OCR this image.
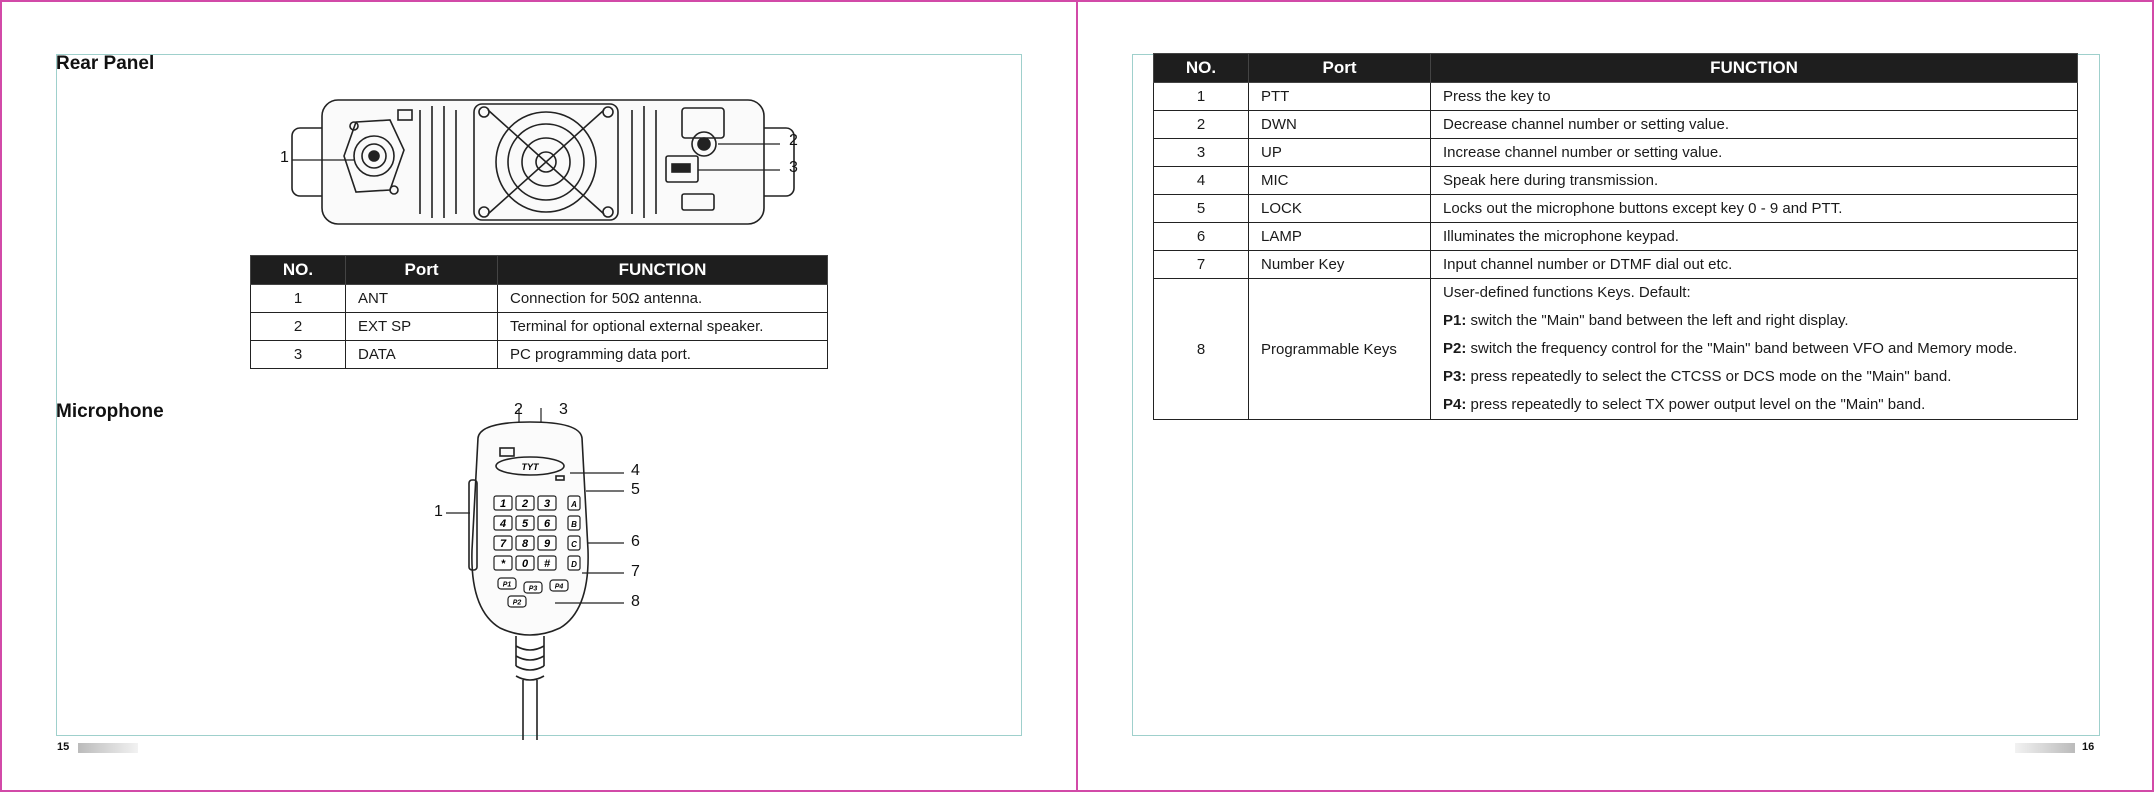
Rear Panel
1
2
3
NO.	Port	FUNCTION
1	ANT	Connection for 50Ω antenna.
2	EXT SP	Terminal for optional external speaker.
3	DATA	PC programming data port.
Microphone
1 2 3	A
4 5 6	B
7 8 9	C
* 0 #	D
P1
P2
P3 P4
TYT
1
2 3
4
5
6
7
8
15
NO.	Port	FUNCTION
1	PTT	Press the key to
2	DWN	Decrease channel number or setting value.
3	UP	Increase channel number or setting value.
4	MIC	Speak here during transmission.
5	LOCK	Locks out the microphone buttons except key 0 - 9 and PTT.
6	LAMP	Illuminates the microphone keypad.
7	Number Key	Input channel number or DTMF dial out etc.
8	Programmable Keys	User-defined functions Keys. Default:
P1: switch the "Main" band between the left and right display.
P2: switch the frequency control for the "Main" band between VFO and Memory mode.
P3: press repeatedly to select the CTCSS or DCS mode on the "Main" band.
P4: press repeatedly to select TX power output level on the "Main" band.
16
